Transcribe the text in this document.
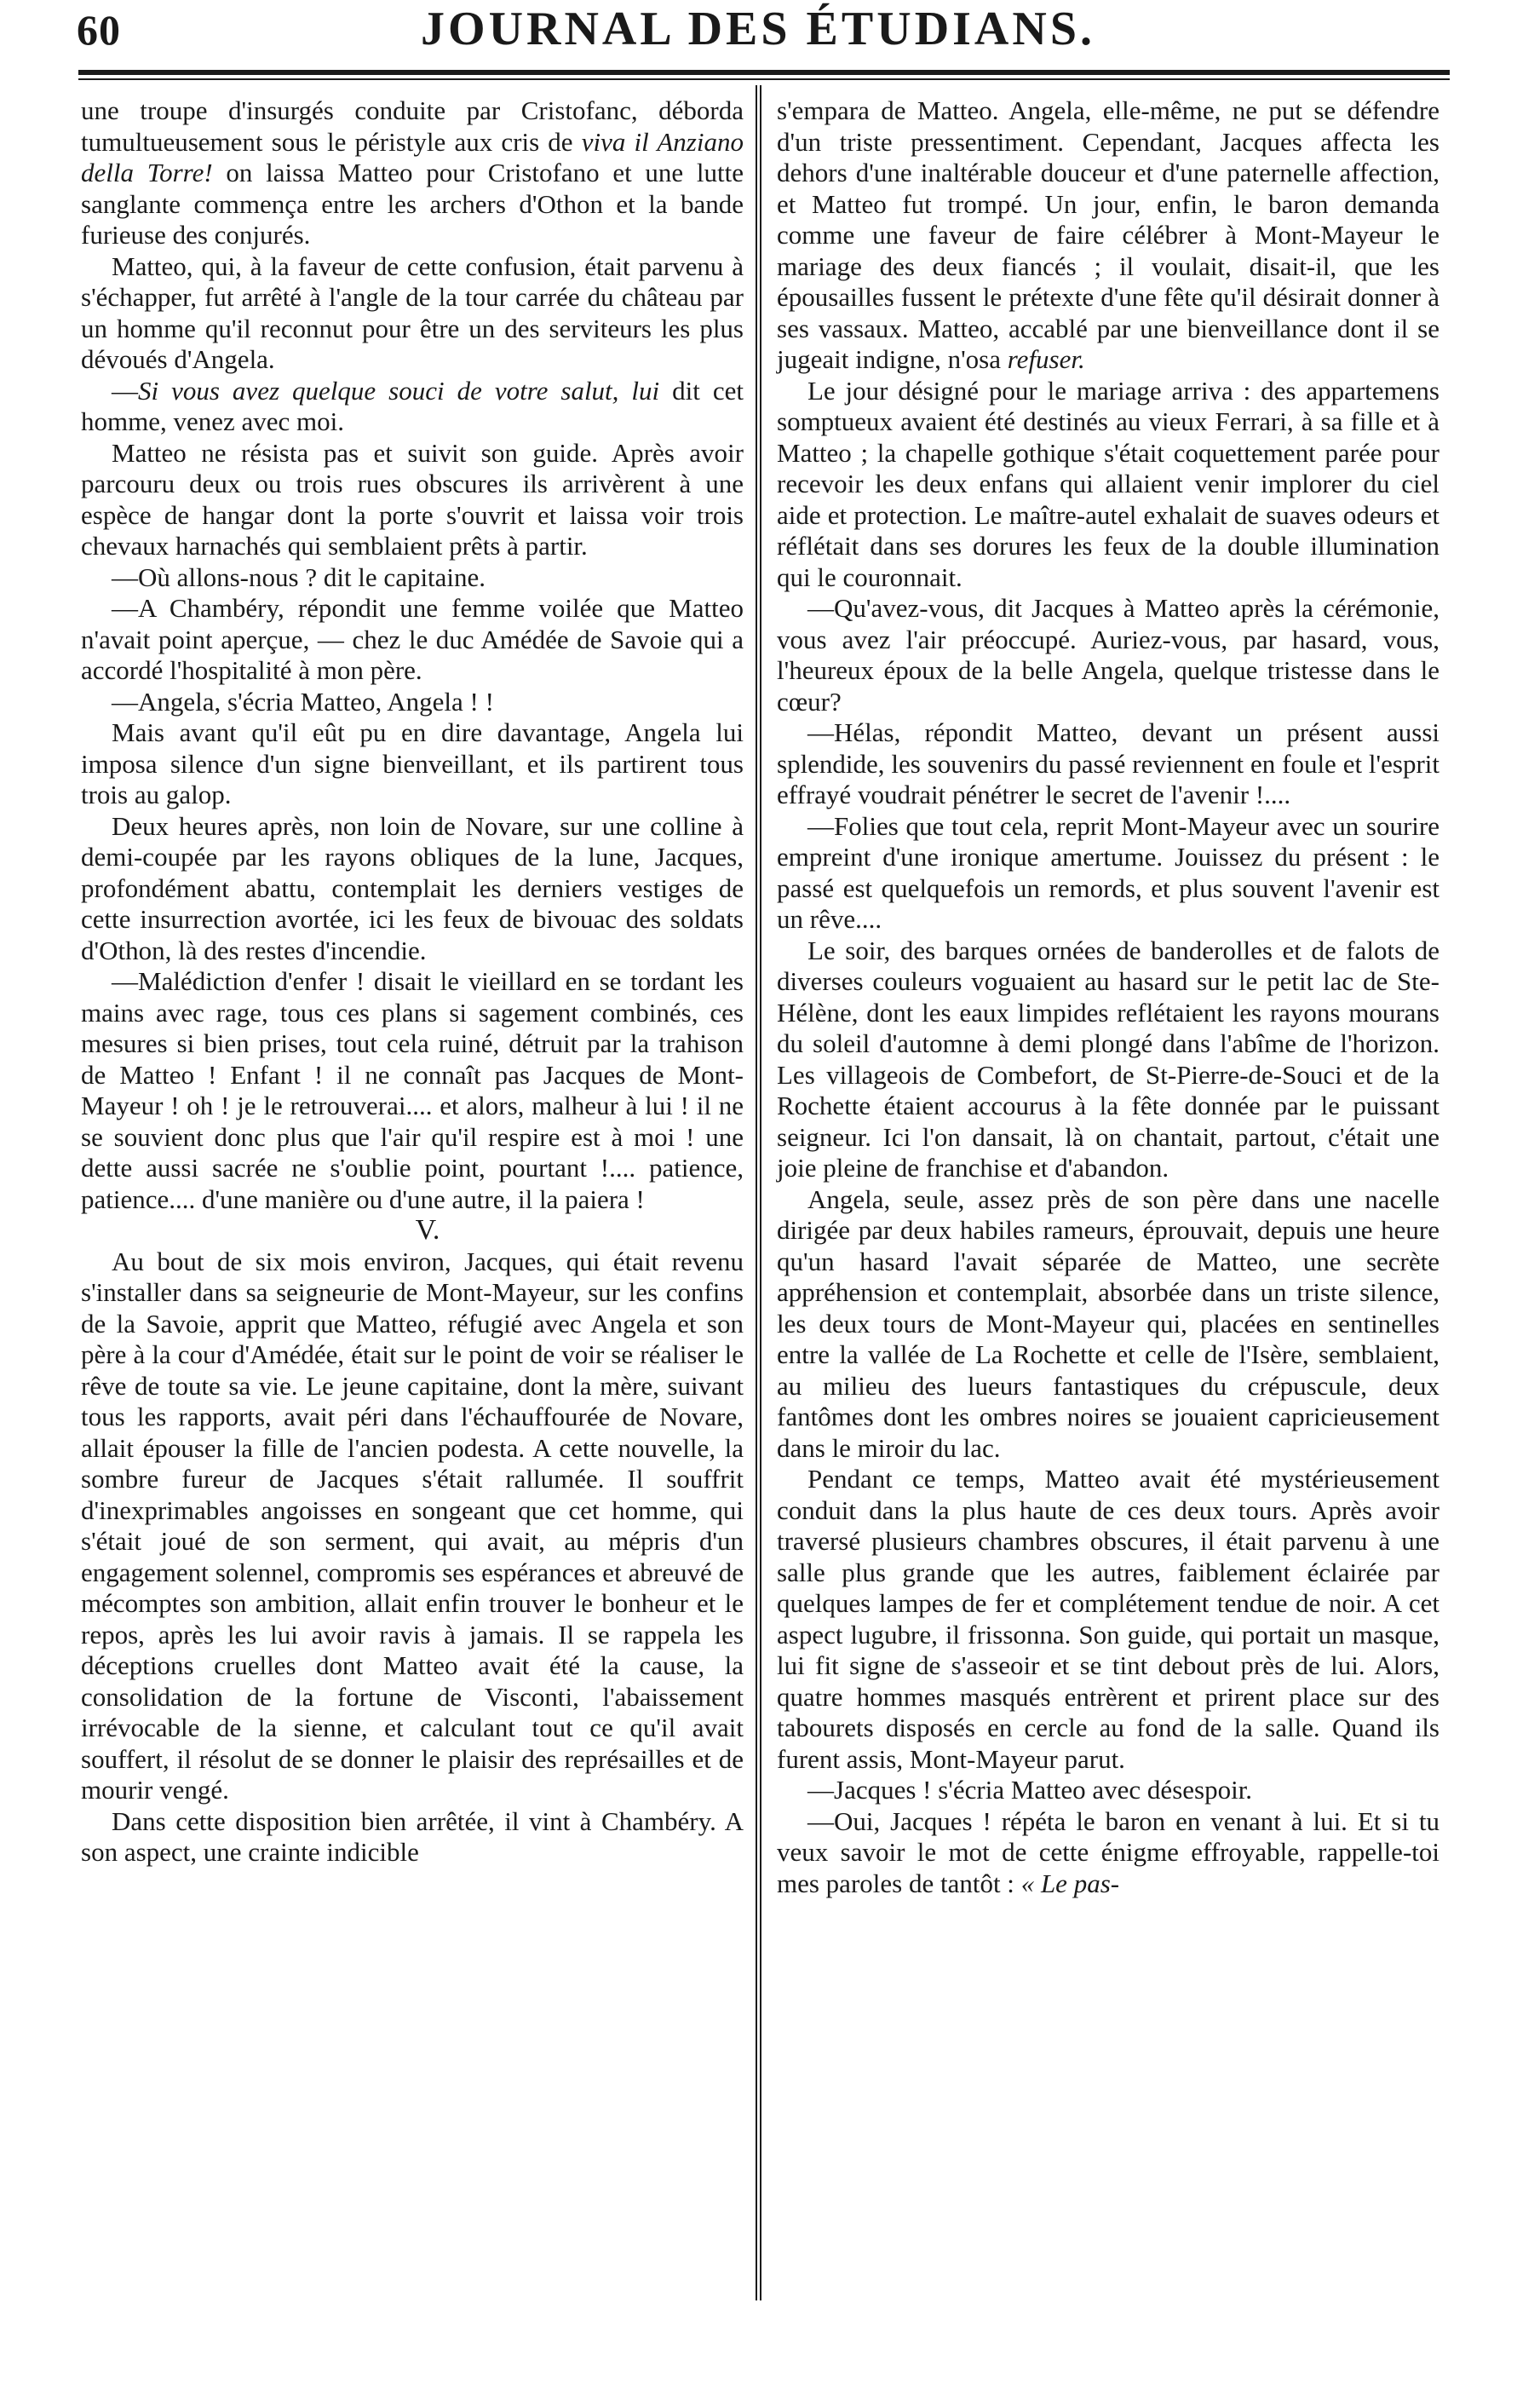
60	JOURNAL DES ÉTUDIANS.

une troupe d'insurgés conduite par Cristofanc, déborda tumultueusement sous le péristyle aux cris de viva il Anziano della Torre! on laissa Matteo pour Cristofano et une lutte sanglante commença entre les archers d'Othon et la bande furieuse des conjurés.

Matteo, qui, à la faveur de cette confusion, était parvenu à s'échapper, fut arrêté à l'angle de la tour carrée du château par un homme qu'il reconnut pour être un des serviteurs les plus dévoués d'Angela.

—Si vous avez quelque souci de votre salut, lui dit cet homme, venez avec moi.

Matteo ne résista pas et suivit son guide. Après avoir parcouru deux ou trois rues obscures ils arrivèrent à une espèce de hangar dont la porte s'ouvrit et laissa voir trois chevaux harnachés qui semblaient prêts à partir.

—Où allons-nous ? dit le capitaine.

—A Chambéry, répondit une femme voilée que Matteo n'avait point aperçue, — chez le duc Amédée de Savoie qui a accordé l'hospitalité à mon père.

—Angela, s'écria Matteo, Angela ! !

Mais avant qu'il eût pu en dire davantage, Angela lui imposa silence d'un signe bienveillant, et ils partirent tous trois au galop.

Deux heures après, non loin de Novare, sur une colline à demi-coupée par les rayons obliques de la lune, Jacques, profondément abattu, contemplait les derniers vestiges de cette insurrection avortée, ici les feux de bivouac des soldats d'Othon, là des restes d'incendie.

—Malédiction d'enfer ! disait le vieillard en se tordant les mains avec rage, tous ces plans si sagement combinés, ces mesures si bien prises, tout cela ruiné, détruit par la trahison de Matteo ! Enfant ! il ne connaît pas Jacques de Mont-Mayeur ! oh ! je le retrouverai.... et alors, malheur à lui ! il ne se souvient donc plus que l'air qu'il respire est à moi ! une dette aussi sacrée ne s'oublie point, pourtant !.... patience, patience.... d'une manière ou d'une autre, il la paiera !

V.

Au bout de six mois environ, Jacques, qui était revenu s'installer dans sa seigneurie de Mont-Mayeur, sur les confins de la Savoie, apprit que Matteo, réfugié avec Angela et son père à la cour d'Amédée, était sur le point de voir se réaliser le rêve de toute sa vie. Le jeune capitaine, dont la mère, suivant tous les rapports, avait péri dans l'échauffourée de Novare, allait épouser la fille de l'ancien podesta. A cette nouvelle, la sombre fureur de Jacques s'était rallumée. Il souffrit d'inexprimables angoisses en songeant que cet homme, qui s'était joué de son serment, qui avait, au mépris d'un engagement solennel, compromis ses espérances et abreuvé de mécomptes son ambition, allait enfin trouver le bonheur et le repos, après les lui avoir ravis à jamais. Il se rappela les déceptions cruelles dont Matteo avait été la cause, la consolidation de la fortune de Visconti, l'abaissement irrévocable de la sienne, et calculant tout ce qu'il avait souffert, il résolut de se donner le plaisir des représailles et de mourir vengé.

Dans cette disposition bien arrêtée, il vint à Chambéry. A son aspect, une crainte indicible

s'empara de Matteo. Angela, elle-même, ne put se défendre d'un triste pressentiment. Cependant, Jacques affecta les dehors d'une inaltérable douceur et d'une paternelle affection, et Matteo fut trompé. Un jour, enfin, le baron demanda comme une faveur de faire célébrer à Mont-Mayeur le mariage des deux fiancés ; il voulait, disait-il, que les épousailles fussent le prétexte d'une fête qu'il désirait donner à ses vassaux. Matteo, accablé par une bienveillance dont il se jugeait indigne, n'osa refuser.

Le jour désigné pour le mariage arriva : des appartemens somptueux avaient été destinés au vieux Ferrari, à sa fille et à Matteo ; la chapelle gothique s'était coquettement parée pour recevoir les deux enfans qui allaient venir implorer du ciel aide et protection. Le maître-autel exhalait de suaves odeurs et réflétait dans ses dorures les feux de la double illumination qui le couronnait.

—Qu'avez-vous, dit Jacques à Matteo après la cérémonie, vous avez l'air préoccupé. Auriez-vous, par hasard, vous, l'heureux époux de la belle Angela, quelque tristesse dans le cœur?

—Hélas, répondit Matteo, devant un présent aussi splendide, les souvenirs du passé reviennent en foule et l'esprit effrayé voudrait pénétrer le secret de l'avenir !....

—Folies que tout cela, reprit Mont-Mayeur avec un sourire empreint d'une ironique amertume. Jouissez du présent : le passé est quelquefois un remords, et plus souvent l'avenir est un rêve....

Le soir, des barques ornées de banderolles et de falots de diverses couleurs voguaient au hasard sur le petit lac de Ste-Hélène, dont les eaux limpides reflétaient les rayons mourans du soleil d'automne à demi plongé dans l'abîme de l'horizon. Les villageois de Combefort, de St-Pierre-de-Souci et de la Rochette étaient accourus à la fête donnée par le puissant seigneur. Ici l'on dansait, là on chantait, partout, c'était une joie pleine de franchise et d'abandon.

Angela, seule, assez près de son père dans une nacelle dirigée par deux habiles rameurs, éprouvait, depuis une heure qu'un hasard l'avait séparée de Matteo, une secrète appréhension et contemplait, absorbée dans un triste silence, les deux tours de Mont-Mayeur qui, placées en sentinelles entre la vallée de La Rochette et celle de l'Isère, semblaient, au milieu des lueurs fantastiques du crépuscule, deux fantômes dont les ombres noires se jouaient capricieusement dans le miroir du lac.

Pendant ce temps, Matteo avait été mystérieusement conduit dans la plus haute de ces deux tours. Après avoir traversé plusieurs chambres obscures, il était parvenu à une salle plus grande que les autres, faiblement éclairée par quelques lampes de fer et complétement tendue de noir. A cet aspect lugubre, il frissonna. Son guide, qui portait un masque, lui fit signe de s'asseoir et se tint debout près de lui. Alors, quatre hommes masqués entrèrent et prirent place sur des tabourets disposés en cercle au fond de la salle. Quand ils furent assis, Mont-Mayeur parut.

—Jacques ! s'écria Matteo avec désespoir.

—Oui, Jacques ! répéta le baron en venant à lui. Et si tu veux savoir le mot de cette énigme effroyable, rappelle-toi mes paroles de tantôt : « Le pas-
